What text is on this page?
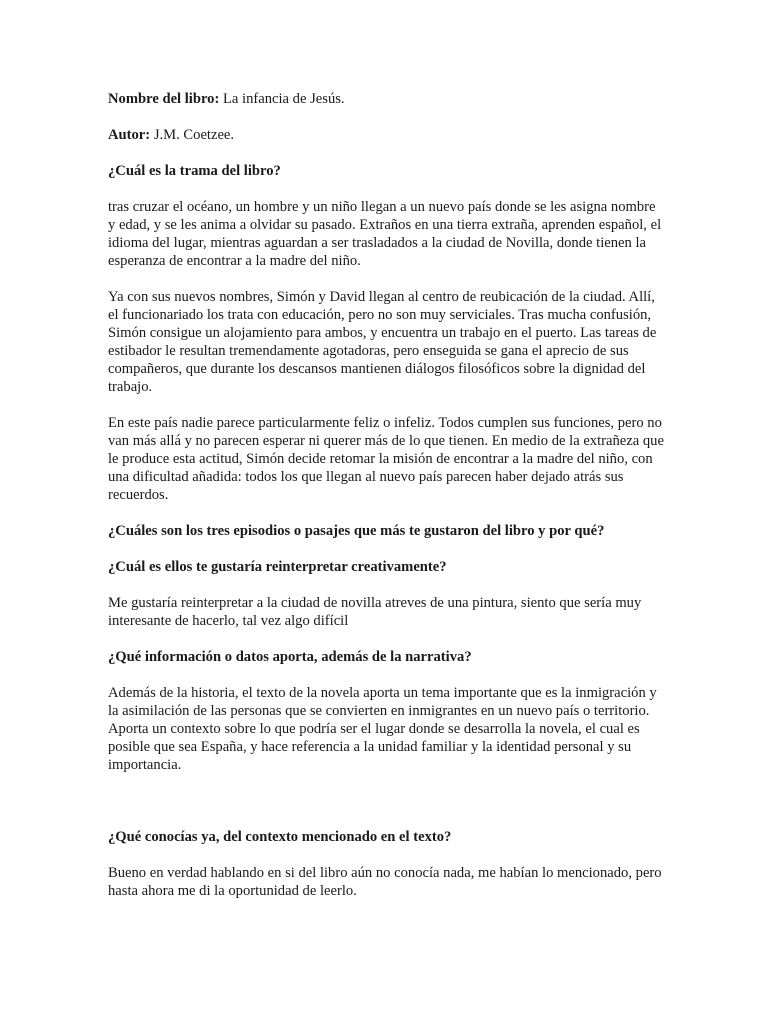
Nombre del libro: La infancia de Jesús.

Autor: J.M. Coetzee.

¿Cuál es la trama del libro?

tras cruzar el océano, un hombre y un niño llegan a un nuevo país donde se les asigna nombre y edad, y se les anima a olvidar su pasado. Extraños en una tierra extraña, aprenden español, el idioma del lugar, mientras aguardan a ser trasladados a la ciudad de Novilla, donde tienen la esperanza de encontrar a la madre del niño.

Ya con sus nuevos nombres, Simón y David llegan al centro de reubicación de la ciudad. Allí, el funcionariado los trata con educación, pero no son muy serviciales. Tras mucha confusión, Simón consigue un alojamiento para ambos, y encuentra un trabajo en el puerto. Las tareas de estibador le resultan tremendamente agotadoras, pero enseguida se gana el aprecio de sus compañeros, que durante los descansos mantienen diálogos filosóficos sobre la dignidad del trabajo.

En este país nadie parece particularmente feliz o infeliz. Todos cumplen sus funciones, pero no van más allá y no parecen esperar ni querer más de lo que tienen. En medio de la extrañeza que le produce esta actitud, Simón decide retomar la misión de encontrar a la madre del niño, con una dificultad añadida: todos los que llegan al nuevo país parecen haber dejado atrás sus recuerdos.

¿Cuáles son los tres episodios o pasajes que más te gustaron del libro y por qué?

¿Cuál es ellos te gustaría reinterpretar creativamente?

Me gustaría reinterpretar a la ciudad de novilla atreves de una pintura, siento que sería muy interesante de hacerlo, tal vez algo difícil

¿Qué información o datos aporta, además de la narrativa?

Además de la historia, el texto de la novela aporta un tema importante que es la inmigración y la asimilación de las personas que se convierten en inmigrantes en un nuevo país o territorio. Aporta un contexto sobre lo que podría ser el lugar donde se desarrolla la novela, el cual es posible que sea España, y hace referencia a la unidad familiar y la identidad personal y su importancia.

¿Qué conocías ya, del contexto mencionado en el texto?

Bueno en verdad hablando en si del libro aún no conocía nada, me habían lo mencionado, pero hasta ahora me di la oportunidad de leerlo.
